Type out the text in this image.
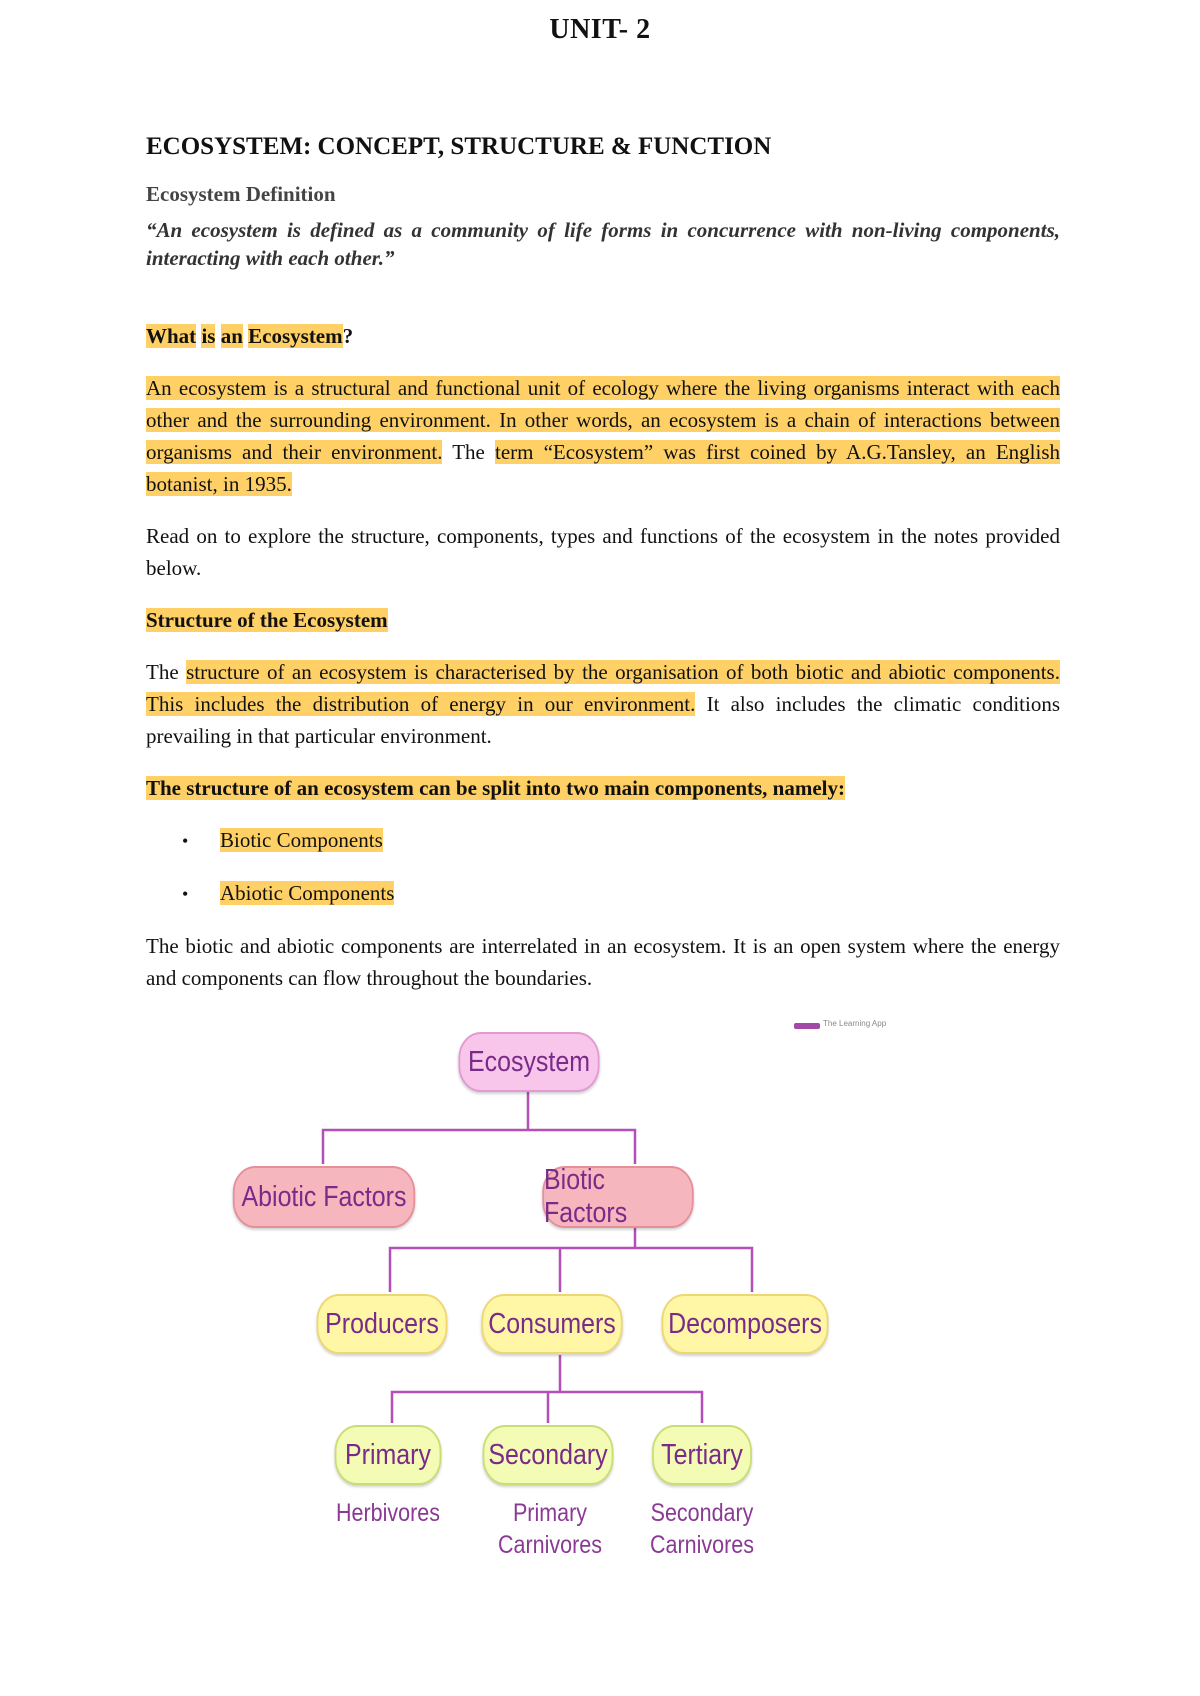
UNIT- 2
ECOSYSTEM: CONCEPT, STRUCTURE & FUNCTION
Ecosystem Definition
“An ecosystem is defined as a community of life forms in concurrence with non-living components, interacting with each other.”

What is an Ecosystem?

An ecosystem is a structural and functional unit of ecology where the living organisms interact with each other and the surrounding environment. In other words, an ecosystem is a chain of interactions between organisms and their environment. The term “Ecosystem” was first coined by A.G.Tansley, an English botanist, in 1935.

Read on to explore the structure, components, types and functions of the ecosystem in the notes provided below.

Structure of the Ecosystem

The structure of an ecosystem is characterised by the organisation of both biotic and abiotic components. This includes the distribution of energy in our environment. It also includes the climatic conditions prevailing in that particular environment.

The structure of an ecosystem can be split into two main components, namely:

• Biotic Components
• Abiotic Components

The biotic and abiotic components are interrelated in an ecosystem. It is an open system where the energy and components can flow throughout the boundaries.

The Learning App
Ecosystem
Abiotic Factors
Biotic Factors
Producers Consumers Decomposers
Primary	Secondary	Tertiary
Herbivores	Primary
Carnivores
Secondary
Carnivores
